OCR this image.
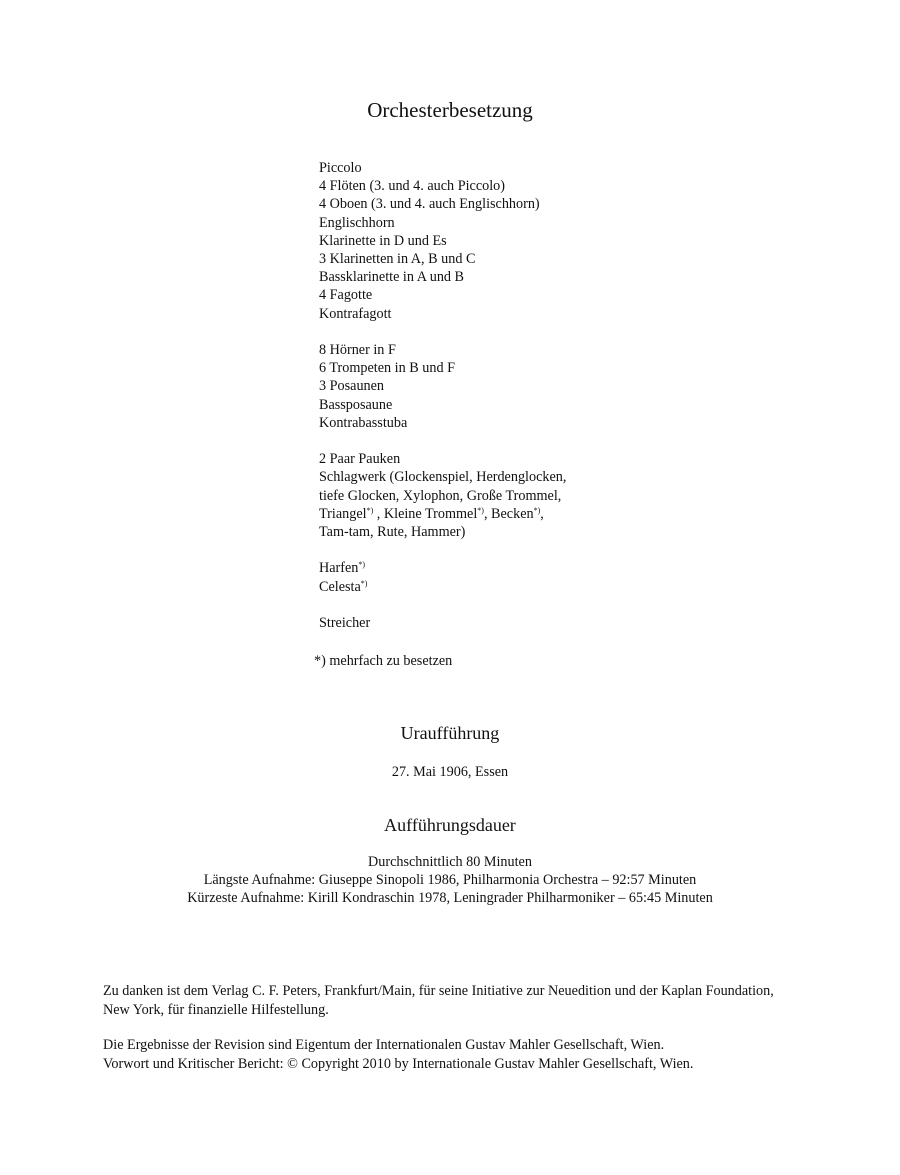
Orchesterbesetzung
Piccolo
4 Flöten (3. und 4. auch Piccolo)
4 Oboen (3. und 4. auch Englischhorn)
Englischhorn
Klarinette in D und Es
3 Klarinetten in A, B und C
Bassklarinette in A und B
4 Fagotte
Kontrafagott
8 Hörner in F
6 Trompeten in B und F
3 Posaunen
Bassposaune
Kontrabasstuba
2 Paar Pauken
Schlagwerk (Glockenspiel, Herdenglocken,
tiefe Glocken, Xylophon, Große Trommel,
Triangel*) , Kleine Trommel*), Becken*),
Tam-tam, Rute, Hammer)
Harfen*)
Celesta*)
Streicher
*) mehrfach zu besetzen
Uraufführung
27. Mai 1906, Essen
Aufführungsdauer
Durchschnittlich 80 Minuten
Längste Aufnahme: Giuseppe Sinopoli 1986, Philharmonia Orchestra – 92:57 Minuten
Kürzeste Aufnahme: Kirill Kondraschin 1978, Leningrader Philharmoniker – 65:45 Minuten
Zu danken ist dem Verlag C. F. Peters, Frankfurt/Main, für seine Initiative zur Neuedition und der Kaplan Foundation,
New York, für finanzielle Hilfestellung.
Die Ergebnisse der Revision sind Eigentum der Internationalen Gustav Mahler Gesellschaft, Wien.
Vorwort und Kritischer Bericht: © Copyright 2010 by Internationale Gustav Mahler Gesellschaft, Wien.
